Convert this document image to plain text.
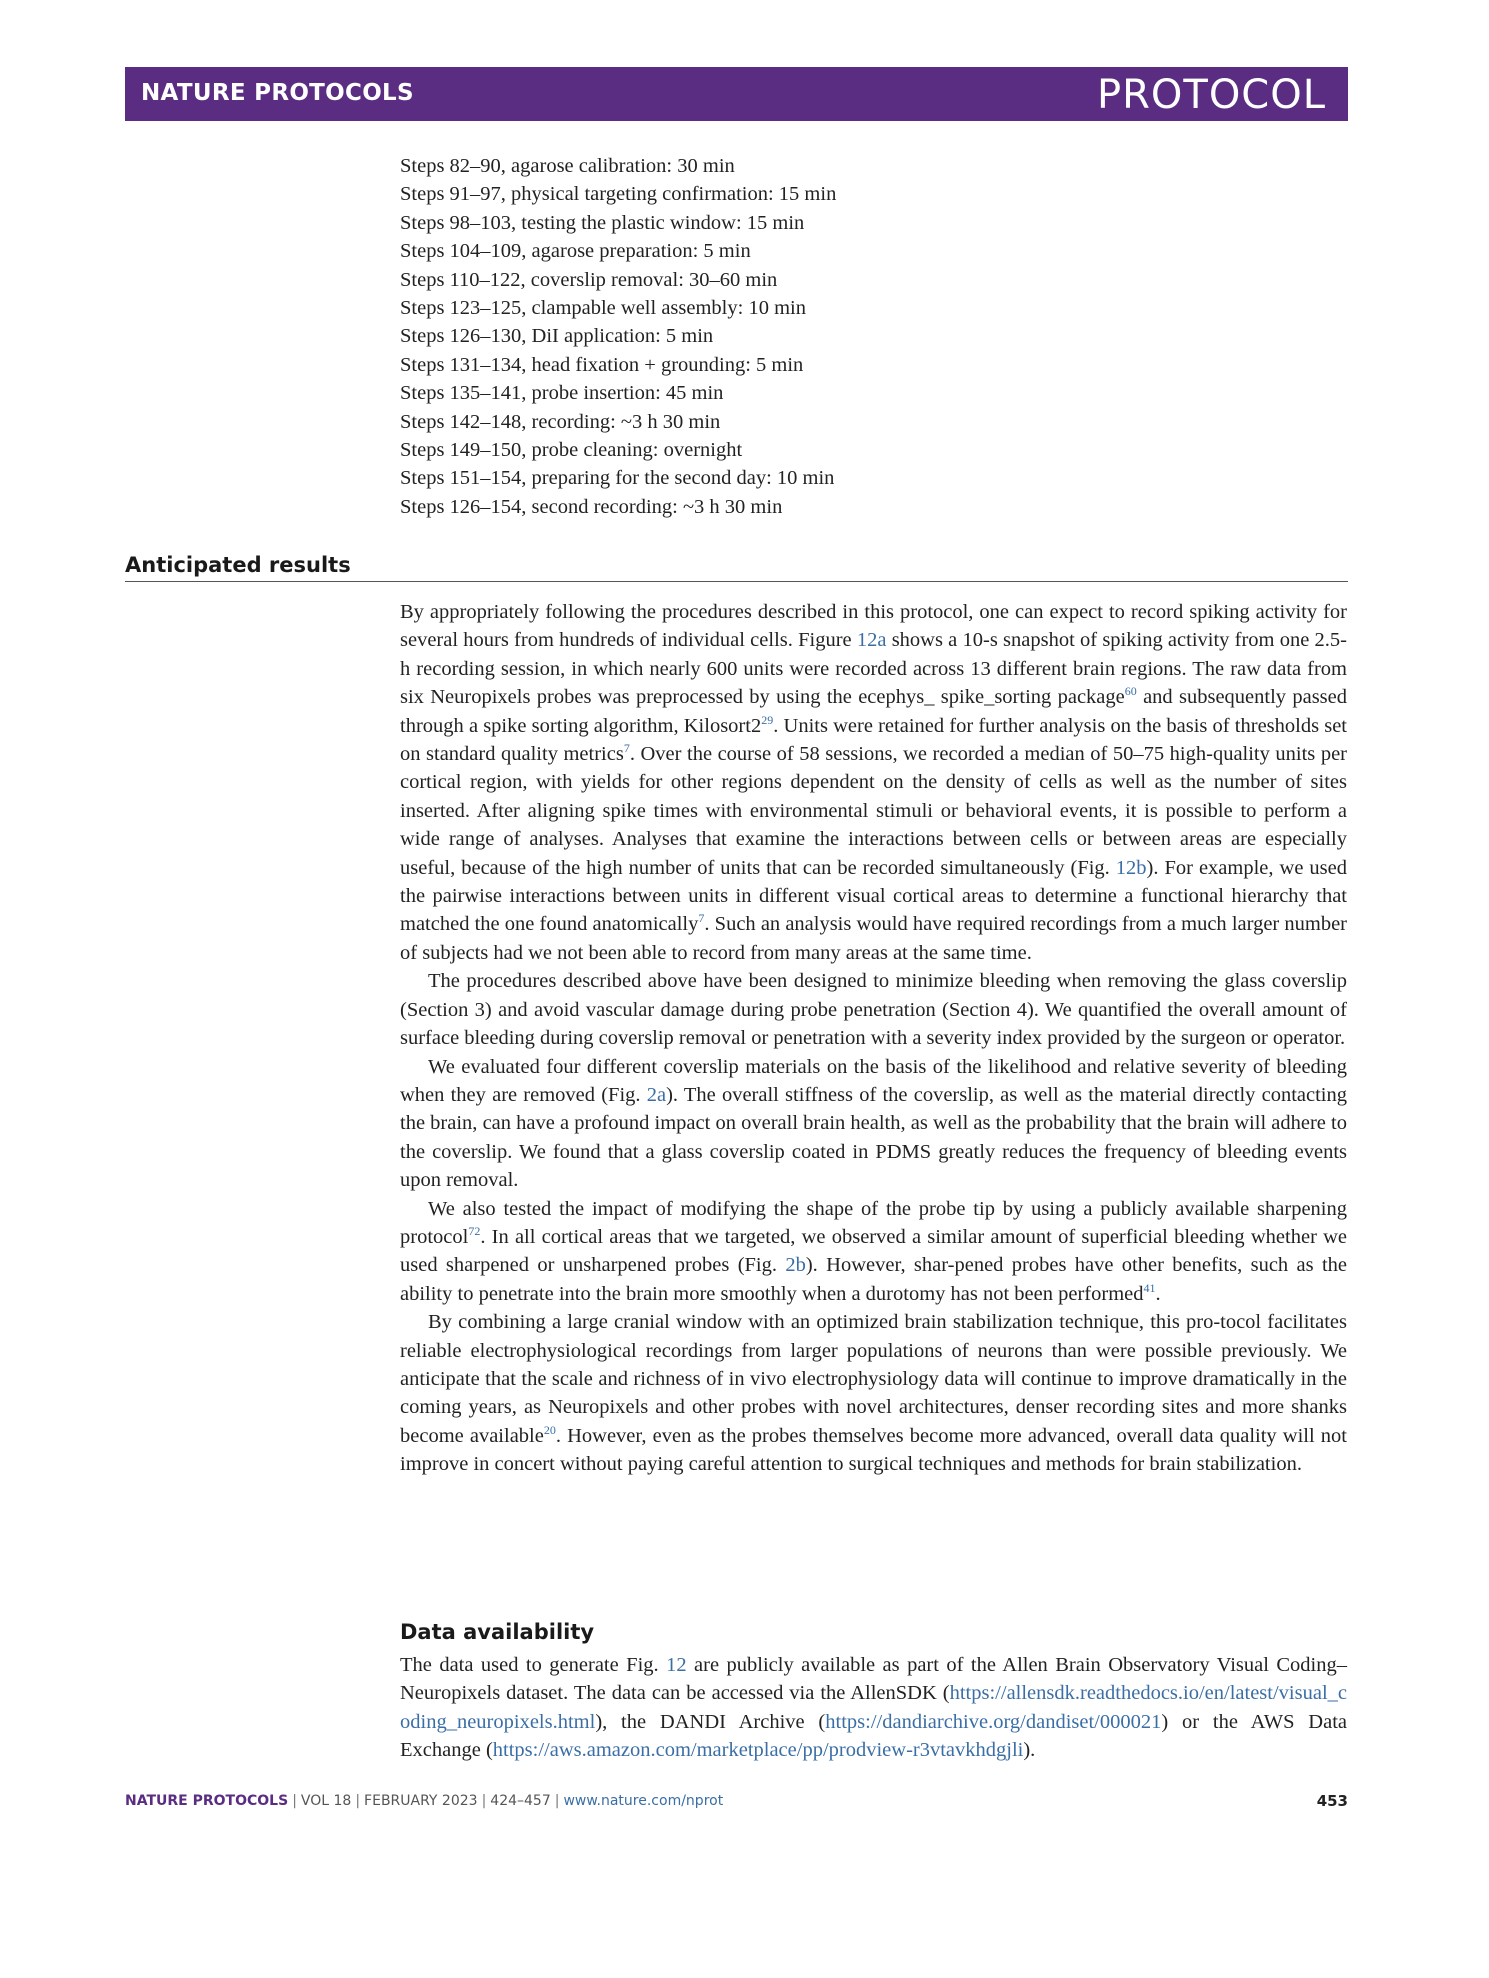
NATURE PROTOCOLS	PROTOCOL
Steps 82–90, agarose calibration: 30 min
Steps 91–97, physical targeting confirmation: 15 min
Steps 98–103, testing the plastic window: 15 min
Steps 104–109, agarose preparation: 5 min
Steps 110–122, coverslip removal: 30–60 min
Steps 123–125, clampable well assembly: 10 min
Steps 126–130, DiI application: 5 min
Steps 131–134, head fixation + grounding: 5 min
Steps 135–141, probe insertion: 45 min
Steps 142–148, recording: ~3 h 30 min
Steps 149–150, probe cleaning: overnight
Steps 151–154, preparing for the second day: 10 min
Steps 126–154, second recording: ~3 h 30 min
Anticipated results

By appropriately following the procedures described in this protocol, one can expect to record spiking activity for several hours from hundreds of individual cells. Figure 12a shows a 10-s snapshot of spiking activity from one 2.5-h recording session, in which nearly 600 units were recorded across 13 different brain regions. The raw data from six Neuropixels probes was preprocessed by using the ecephys_ spike_sorting package$^{60}$ and subsequently passed through a spike sorting algorithm, Kilosort2$^{29}$. Units were retained for further analysis on the basis of thresholds set on standard quality metrics$^7$. Over the course of 58 sessions, we recorded a median of 50–75 high-quality units per cortical region, with yields for other regions dependent on the density of cells as well as the number of sites inserted. After aligning spike times with environmental stimuli or behavioral events, it is possible to perform a wide range of analyses. Analyses that examine the interactions between cells or between areas are especially useful, because of the high number of units that can be recorded simultaneously (Fig. 12b). For example, we used the pairwise interactions between units in different visual cortical areas to determine a functional hierarchy that matched the one found anatomically$^7$. Such an analysis would have required recordings from a much larger number of subjects had we not been able to record from many areas at the same time.

The procedures described above have been designed to minimize bleeding when removing the glass coverslip (Section 3) and avoid vascular damage during probe penetration (Section 4). We quantified the overall amount of surface bleeding during coverslip removal or penetration with a severity index provided by the surgeon or operator.

We evaluated four different coverslip materials on the basis of the likelihood and relative severity of bleeding when they are removed (Fig. 2a). The overall stiffness of the coverslip, as well as the material directly contacting the brain, can have a profound impact on overall brain health, as well as the probability that the brain will adhere to the coverslip. We found that a glass coverslip coated in PDMS greatly reduces the frequency of bleeding events upon removal.

We also tested the impact of modifying the shape of the probe tip by using a publicly available sharpening protocol$^{72}$. In all cortical areas that we targeted, we observed a similar amount of superficial bleeding whether we used sharpened or unsharpened probes (Fig. 2b). However, shar-pened probes have other benefits, such as the ability to penetrate into the brain more smoothly when a durotomy has not been performed$^{41}$.

By combining a large cranial window with an optimized brain stabilization technique, this pro-tocol facilitates reliable electrophysiological recordings from larger populations of neurons than were possible previously. We anticipate that the scale and richness of in vivo electrophysiology data will continue to improve dramatically in the coming years, as Neuropixels and other probes with novel architectures, denser recording sites and more shanks become available$^{20}$. However, even as the probes themselves become more advanced, overall data quality will not improve in concert without paying careful attention to surgical techniques and methods for brain stabilization.

Data availability

The data used to generate Fig. 12 are publicly available as part of the Allen Brain Observatory Visual Coding–Neuropixels dataset. The data can be accessed via the AllenSDK (https://allensdk.readthedocs.io/en/latest/visual_coding_neuropixels.html), the DANDI Archive (https://dandiarchive.org/dandiset/000021) or the AWS Data Exchange (https://aws.amazon.com/marketplace/pp/prodview-r3vtavkhdgjli).

NATURE PROTOCOLS | VOL 18 | FEBRUARY 2023 | 424–457 | www.nature.com/nprot	453
